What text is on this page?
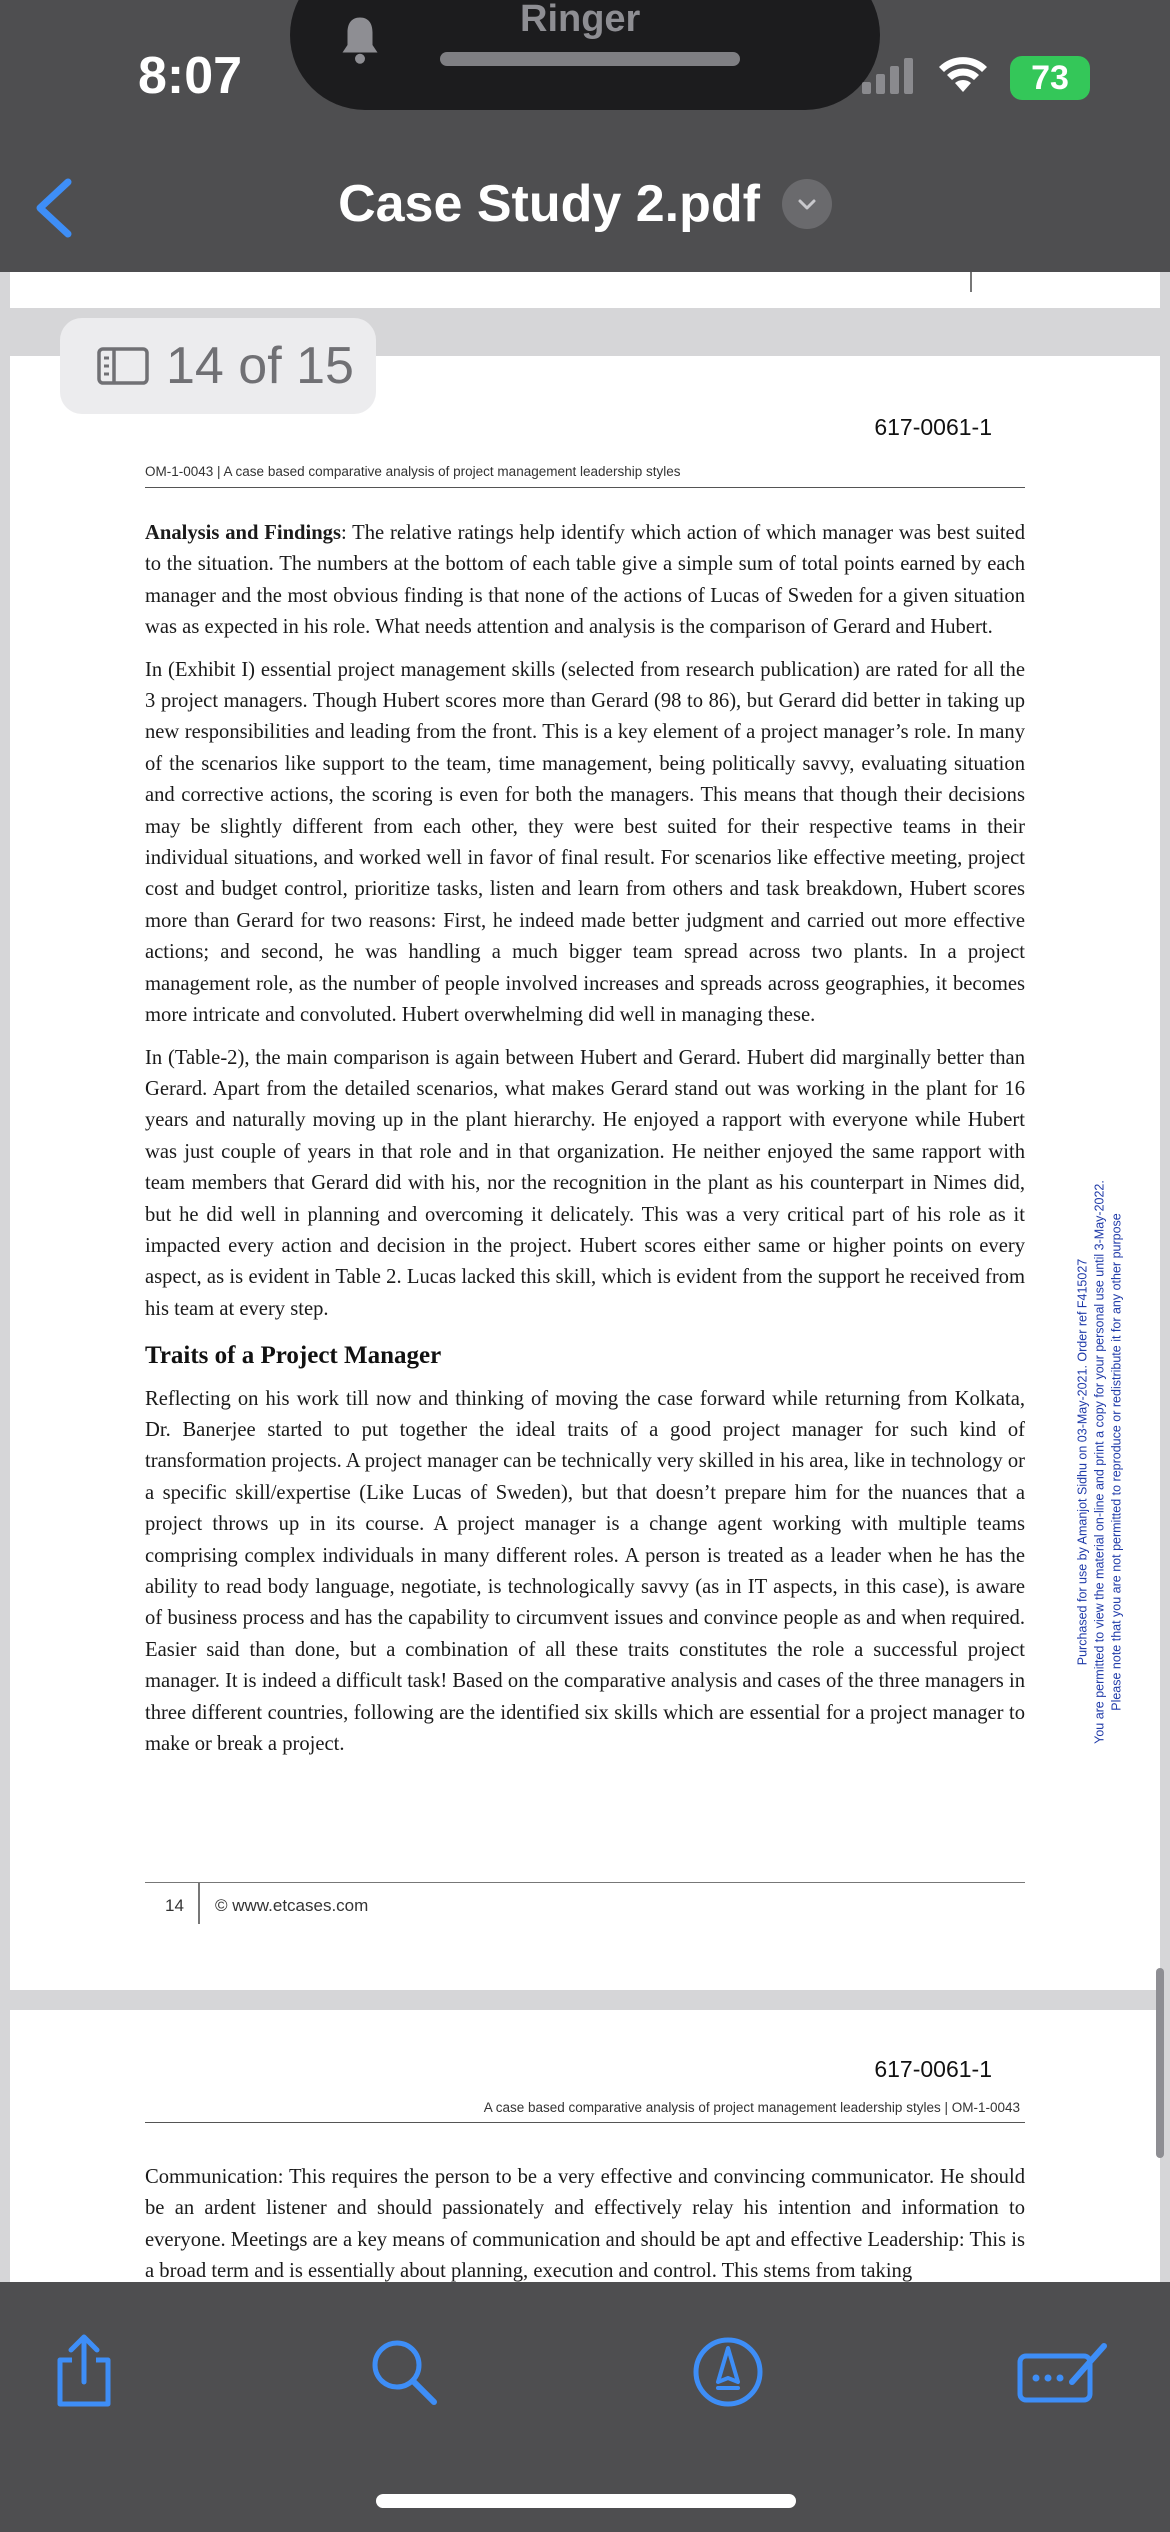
8:07
Ringer
73
Case Study 2.pdf
617-0061-1
OM-1-0043 | A case based comparative analysis of project management leadership styles

Analysis and Findings: The relative ratings help identify which action of which manager was best suited to the situation. The numbers at the bottom of each table give a simple sum of total points earned by each manager and the most obvious finding is that none of the actions of Lucas of Sweden for a given situation was as expected in his role. What needs attention and analysis is the comparison of Gerard and Hubert.

In (Exhibit I) essential project management skills (selected from research publication) are rated for all the 3 project managers. Though Hubert scores more than Gerard (98 to 86), but Gerard did better in taking up new responsibilities and leading from the front. This is a key element of a project manager’s role. In many of the scenarios like support to the team, time management, being politically savvy, evaluating situation and corrective actions, the scoring is even for both the managers. This means that though their decisions may be slightly different from each other, they were best suited for their respective teams in their individual situations, and worked well in favor of final result. For scenarios like effective meeting, project cost and budget control, prioritize tasks, listen and learn from others and task breakdown, Hubert scores more than Gerard for two reasons: First, he indeed made better judgment and carried out more effective actions; and second, he was handling a much bigger team spread across two plants. In a project management role, as the number of people involved increases and spreads across geographies, it becomes more intricate and convoluted. Hubert overwhelming did well in managing these.

In (Table-2), the main comparison is again between Hubert and Gerard. Hubert did marginally better than Gerard. Apart from the detailed scenarios, what makes Gerard stand out was working in the plant for 16 years and naturally moving up in the plant hierarchy. He enjoyed a rapport with everyone while Hubert was just couple of years in that role and in that organization. He neither enjoyed the same rapport with team members that Gerard did with his, nor the recognition in the plant as his counterpart in Nimes did, but he did well in planning and overcoming it delicately. This was a very critical part of his role as it impacted every action and decision in the project. Hubert scores either same or higher points on every aspect, as is evident in Table 2. Lucas lacked this skill, which is evident from the support he received from his team at every step.

Traits of a Project Manager

Reflecting on his work till now and thinking of moving the case forward while returning from Kolkata, Dr. Banerjee started to put together the ideal traits of a good project manager for such kind of transformation projects. A project manager can be technically very skilled in his area, like in technology or a specific skill/expertise (Like Lucas of Sweden), but that doesn’t prepare him for the nuances that a project throws up in its course. A project manager is a change agent working with multiple teams comprising complex individuals in many different roles. A person is treated as a leader when he has the ability to read body language, negotiate, is technologically savvy (as in IT aspects, in this case), is aware of business process and has the capability to circumvent issues and convince people as and when required. Easier said than done, but a combination of all these traits constitutes the role a successful project manager. It is indeed a difficult task! Based on the comparative analysis and cases of the three managers in three different countries, following are the identified six skills which are essential for a project manager to make or break a project.

14 © www.etcases.com
617-0061-1
A case based comparative analysis of project management leadership styles | OM-1-0043

Communication: This requires the person to be a very effective and convincing communicator. He should be an ardent listener and should passionately and effectively relay his intention and information to everyone. Meetings are a key means of communication and should be apt and effective Leadership: This is a broad term and is essentially about planning, execution and control. This stems from taking

Purchased for use by Amanjot Sidhu on 03-May-2021. Order ref F415027 You are permitted to view the material on-line and print a copy for your personal use until 3-May-2022. Please note that you are not permitted to reproduce or redistribute it for any other purpose
14 of 15
